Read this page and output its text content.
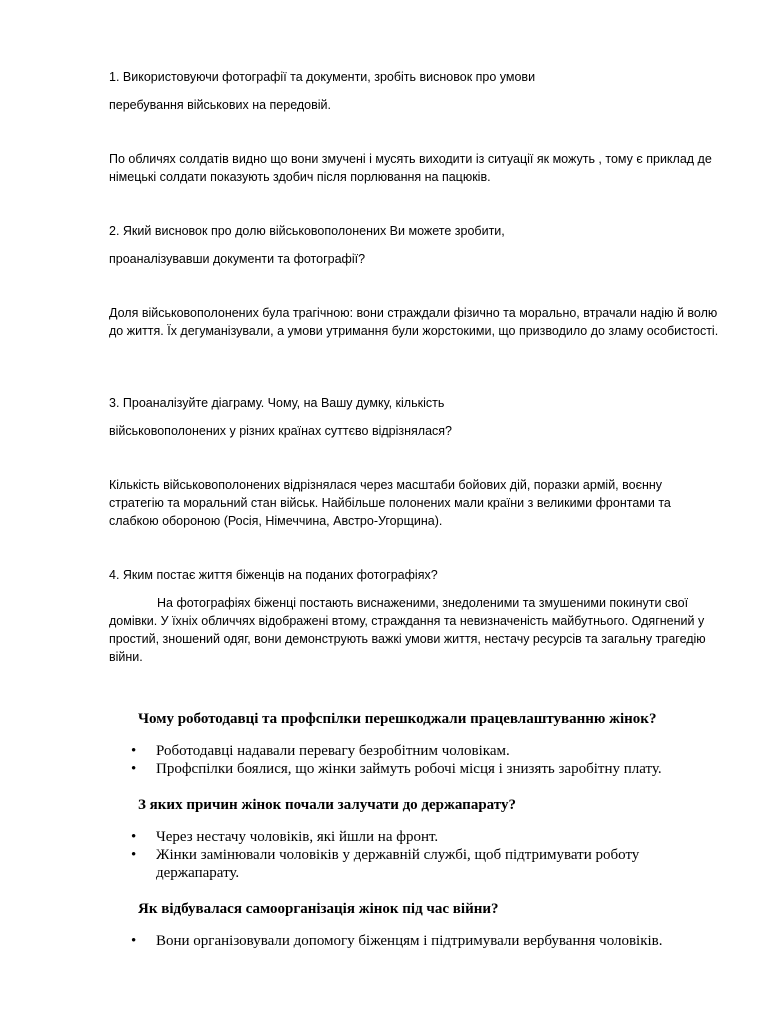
1. Використовуючи фотографії та документи, зробіть висновок про умови

перебування військових на передовій.

По обличях солдатів видно що вони змучені і мусять виходити із ситуації як можуть , тому є приклад де німецькі солдати показують здобич після порлювання на пацюків.

2. Який висновок про долю військовополонених Ви можете зробити,

проаналізувавши документи та фотографії?

Доля військовополонених була трагічною: вони страждали фізично та морально, втрачали надію й волю до життя. Їх дегуманізували, а умови утримання були жорстокими, що призводило до зламу особистості.

3. Проаналізуйте діаграму. Чому, на Вашу думку, кількість

військовополонених у різних країнах суттєво відрізнялася?

Кількість військовополонених відрізнялася через масштаби бойових дій, поразки армій, воєнну стратегію та моральний стан військ. Найбільше полонених мали країни з великими фронтами та слабкою обороною (Росія, Німеччина, Австро-Угорщина).

4. Яким постає життя біженців на поданих фотографіях?

На фотографіях біженці постають виснаженими, знедоленими та змушеними покинути свої домівки. У їхніх обличчях відображені втому, страждання та невизначеність майбутнього. Одягнений у простий, зношений одяг, вони демонструють важкі умови життя, нестачу ресурсів та загальну трагедію війни.

Чому роботодавці та профспілки перешкоджали працевлаштуванню жінок?

• Роботодавці надавали перевагу безробітним чоловікам.
• Профспілки боялися, що жінки займуть робочі місця і знизять заробітну плату.

З яких причин жінок почали залучати до держапарату?

• Через нестачу чоловіків, які йшли на фронт.
• Жінки замінювали чоловіків у державній службі, щоб підтримувати роботу держапарату.

Як відбувалася самоорганізація жінок під час війни?

• Вони організовували допомогу біженцям і підтримували вербування чоловіків.
